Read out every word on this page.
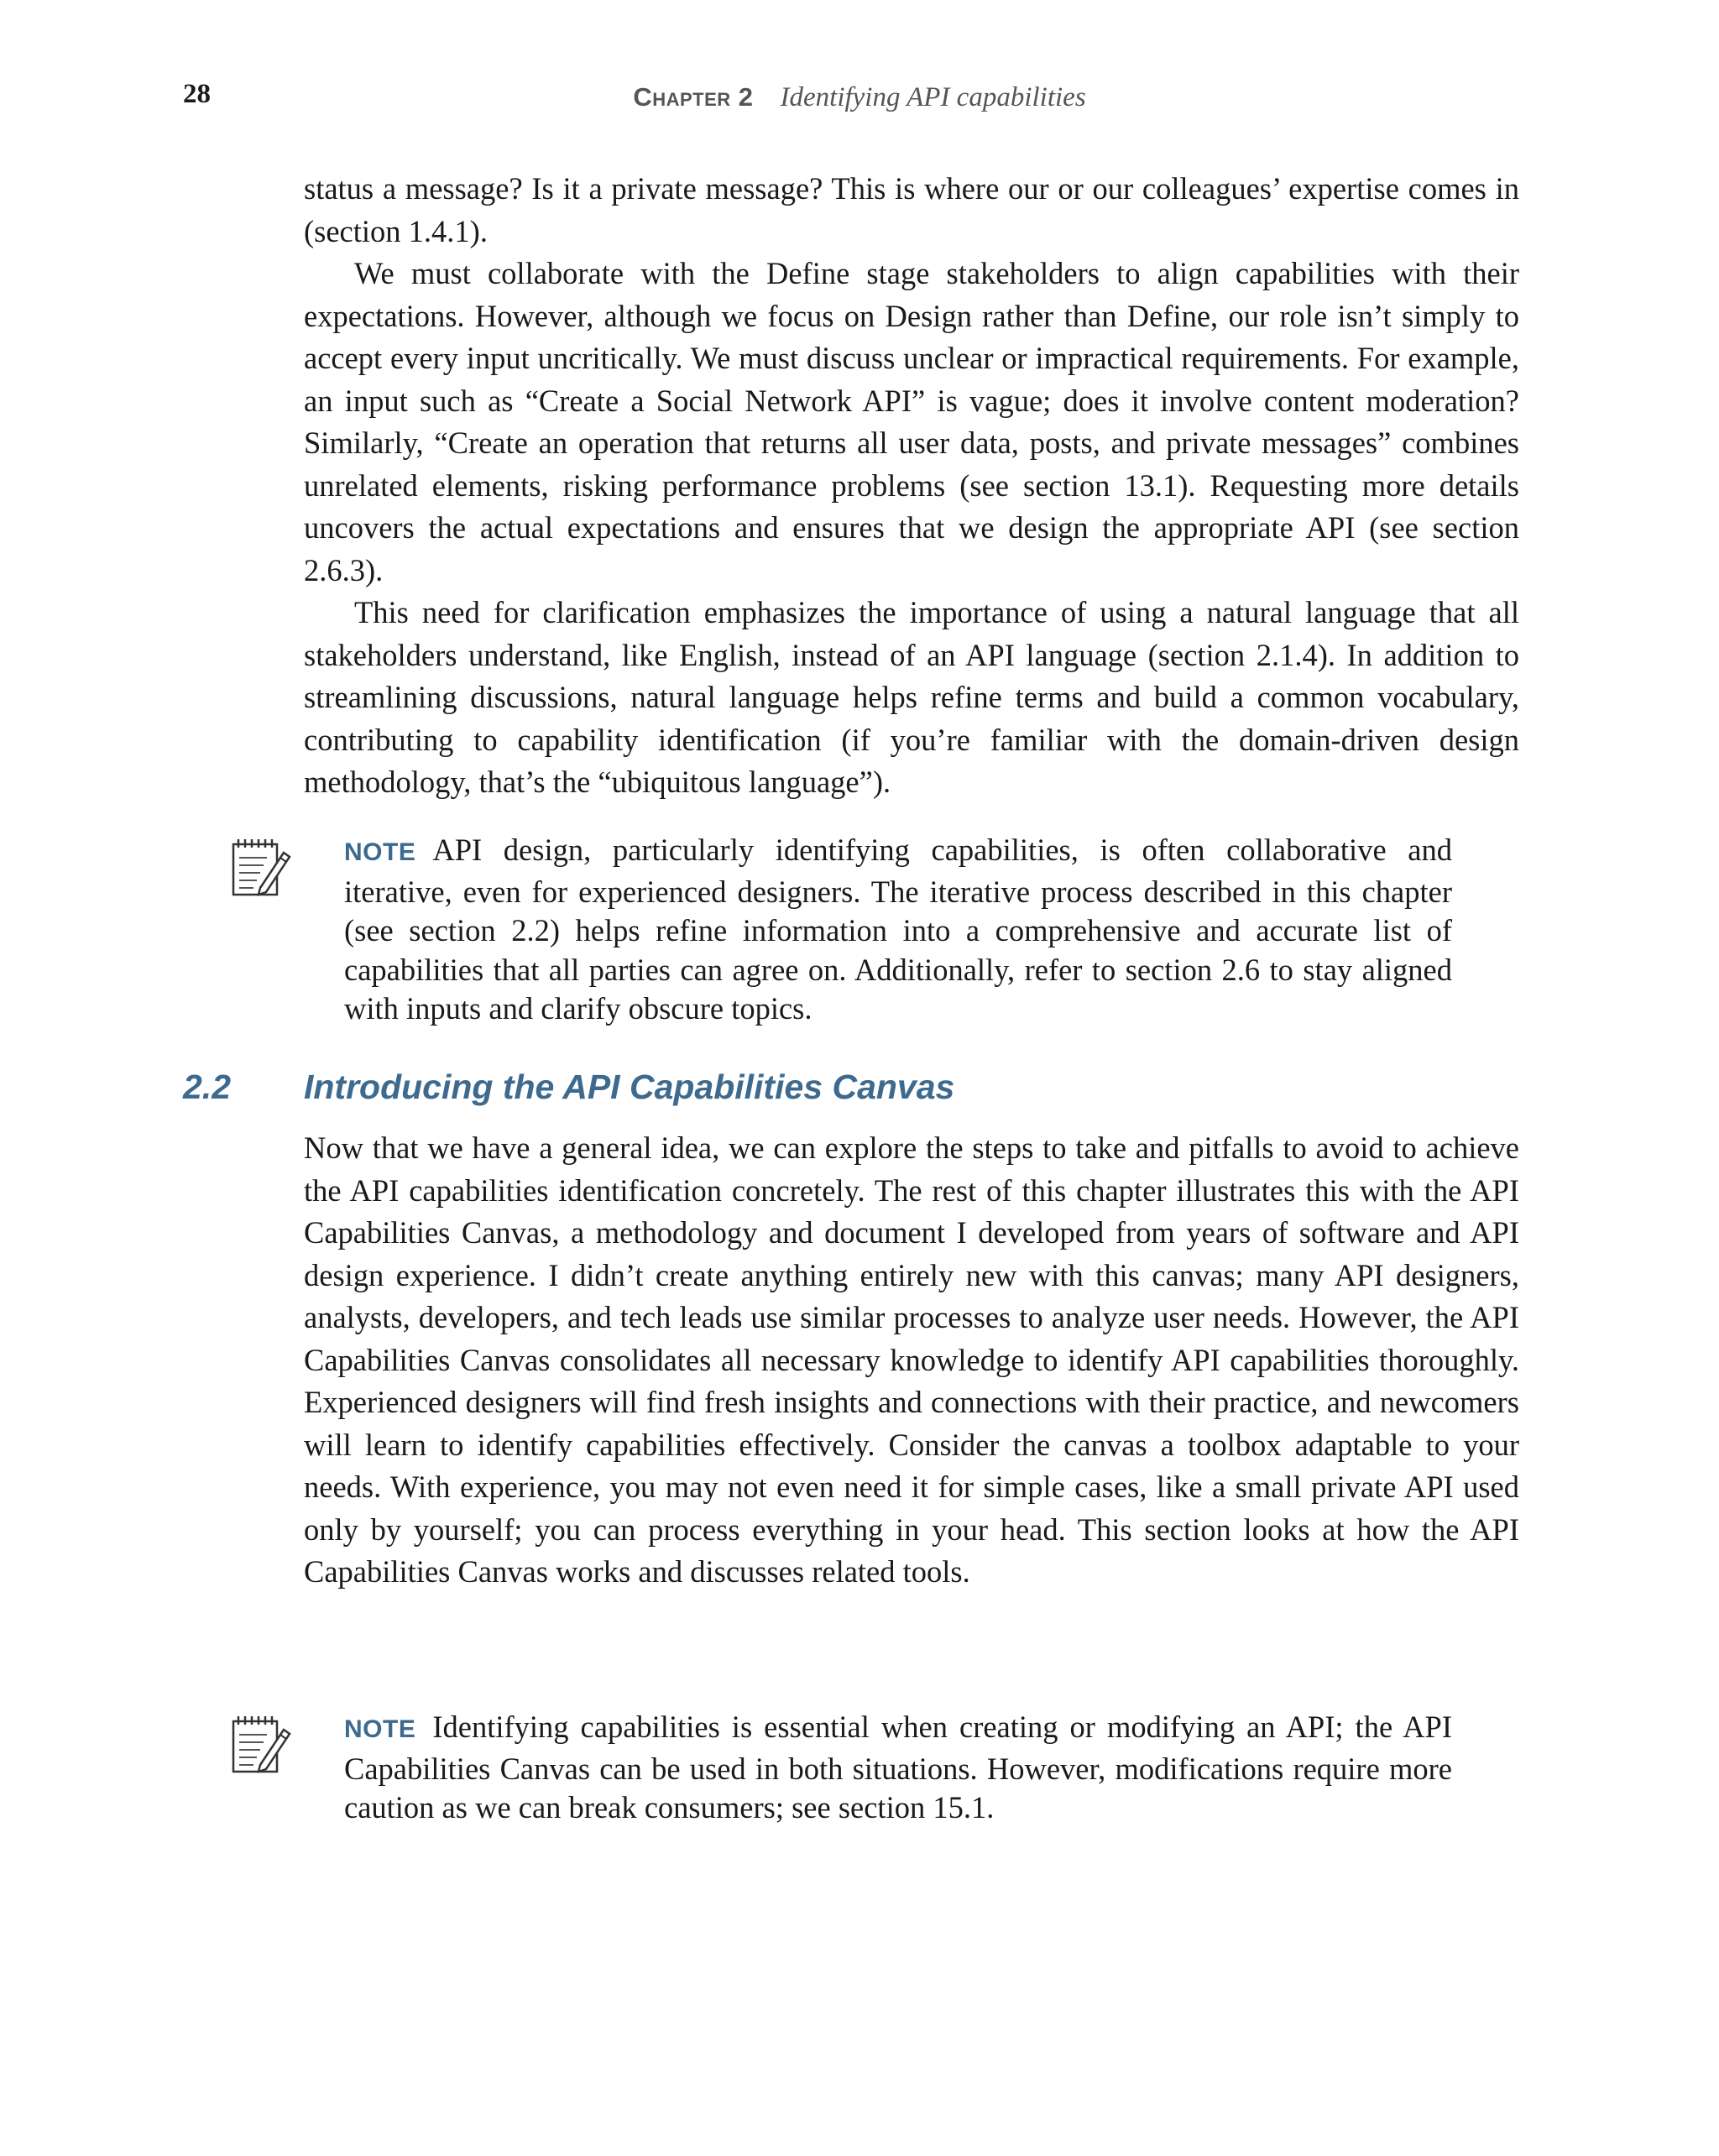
28	Chapter 2 Identifying API capabilities

status a message? Is it a private message? This is where our or our colleagues’ expertise comes in (section 1.4.1).

We must collaborate with the Define stage stakeholders to align capabilities with their expectations. However, although we focus on Design rather than Define, our role isn’t simply to accept every input uncritically. We must discuss unclear or impractical requirements. For example, an input such as “Create a Social Network API” is vague; does it involve content moderation? Similarly, “Create an operation that returns all user data, posts, and private messages” combines unrelated elements, risking performance problems (see section 13.1). Requesting more details uncovers the actual expectations and ensures that we design the appropriate API (see section 2.6.3).

This need for clarification emphasizes the importance of using a natural language that all stakeholders understand, like English, instead of an API language (section 2.1.4). In addition to streamlining discussions, natural language helps refine terms and build a common vocabulary, contributing to capability identification (if you’re familiar with the domain-driven design methodology, that’s the “ubiquitous language”).

NOTE API design, particularly identifying capabilities, is often collaborative and iterative, even for experienced designers. The iterative process described in this chapter (see section 2.2) helps refine information into a comprehensive and accurate list of capabilities that all parties can agree on. Additionally, refer to section 2.6 to stay aligned with inputs and clarify obscure topics.
2.2 Introducing the API Capabilities Canvas

Now that we have a general idea, we can explore the steps to take and pitfalls to avoid to achieve the API capabilities identification concretely. The rest of this chapter illustrates this with the API Capabilities Canvas, a methodology and document I developed from years of software and API design experience. I didn’t create anything entirely new with this canvas; many API designers, analysts, developers, and tech leads use similar processes to analyze user needs. However, the API Capabilities Canvas consolidates all necessary knowledge to identify API capabilities thoroughly. Experienced designers will find fresh insights and connections with their practice, and newcomers will learn to identify capabilities effectively. Consider the canvas a toolbox adaptable to your needs. With experience, you may not even need it for simple cases, like a small private API used only by yourself; you can process everything in your head. This section looks at how the API Capabilities Canvas works and discusses related tools.

NOTE Identifying capabilities is essential when creating or modifying an API; the API Capabilities Canvas can be used in both situations. However, modifications require more caution as we can break consumers; see section 15.1.
